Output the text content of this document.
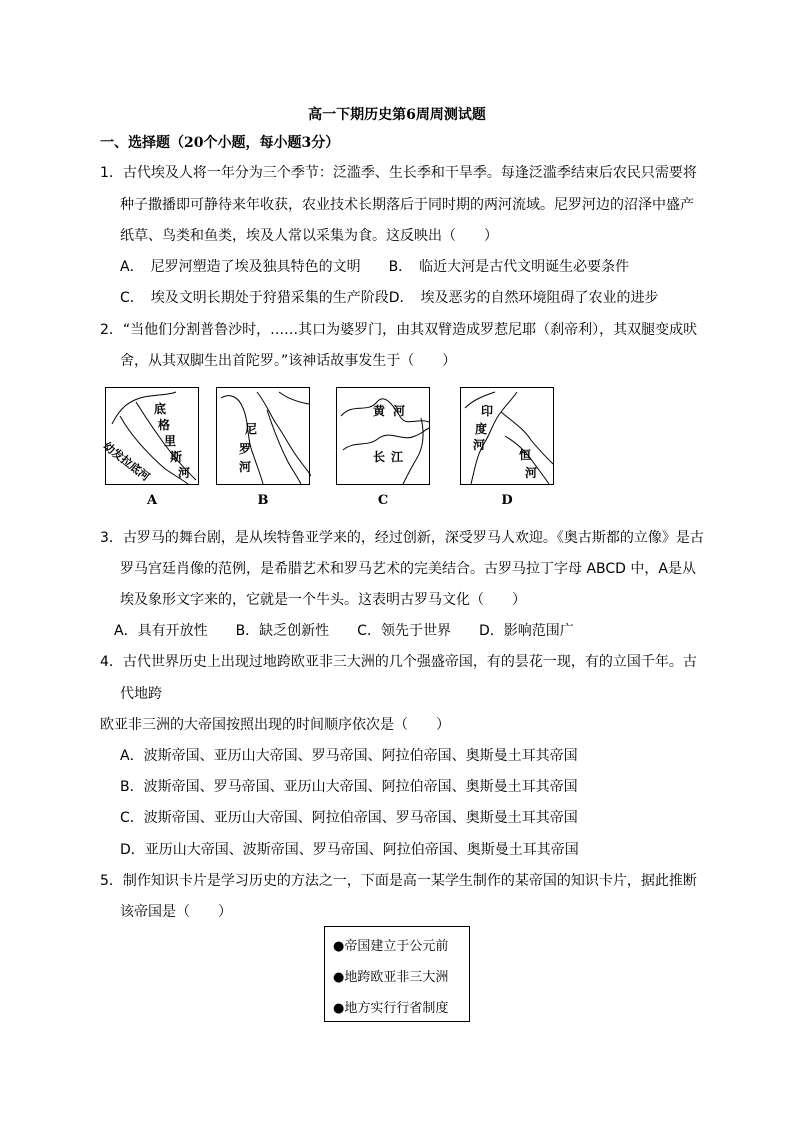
高一下期历史第6周周测试题
一、选择题（20个小题，每小题3分）
1．古代埃及人将一年分为三个季节：泛滥季、生长季和干旱季。每逢泛滥季结束后农民只需要将
种子撒播即可静待来年收获，农业技术长期落后于同时期的两河流域。尼罗河边的沼泽中盛产
纸草、鸟类和鱼类，埃及人常以采集为食。这反映出（　　）
A．　尼罗河塑造了埃及独具特色的文明　　B．　临近大河是古代文明诞生必要条件
C．　埃及文明长期处于狩猎采集的生产阶段D．　埃及恶劣的自然环境阻碍了农业的进步
2．“当他们分割普鲁沙时，……其口为婆罗门，由其双臂造成罗惹尼耶（刹帝利），其双腿变成吠
舍，从其双脚生出首陀罗。”该神话故事发生于（　　）
底
格
里
斯
河
幼发拉底河
尼
罗
河
黄 河
长 江
印
度
河
恒
河
A	B	C	D
3．古罗马的舞台剧，是从埃特鲁亚学来的，经过创新，深受罗马人欢迎。《奥古斯都的立像》是古
罗马宫廷肖像的范例，是希腊艺术和罗马艺术的完美结合。古罗马拉丁字母 ABCD 中，A是从
埃及象形文字来的，它就是一个牛头。这表明古罗马文化（　　）
A．具有开放性　　B．缺乏创新性　　C．领先于世界　　D．影响范围广
4．古代世界历史上出现过地跨欧亚非三大洲的几个强盛帝国，有的昙花一现，有的立国千年。古
代地跨
欧亚非三洲的大帝国按照出现的时间顺序依次是（　　）
A．波斯帝国、亚历山大帝国、罗马帝国、阿拉伯帝国、奥斯曼土耳其帝国
B．波斯帝国、罗马帝国、亚历山大帝国、阿拉伯帝国、奥斯曼土耳其帝国
C．波斯帝国、亚历山大帝国、阿拉伯帝国、罗马帝国、奥斯曼土耳其帝国
D．亚历山大帝国、波斯帝国、罗马帝国、阿拉伯帝国、奥斯曼土耳其帝国
5．制作知识卡片是学习历史的方法之一，下面是高一某学生制作的某帝国的知识卡片，据此推断
该帝国是（　　）
●帝国建立于公元前
●地跨欧亚非三大洲
●地方实行行省制度
